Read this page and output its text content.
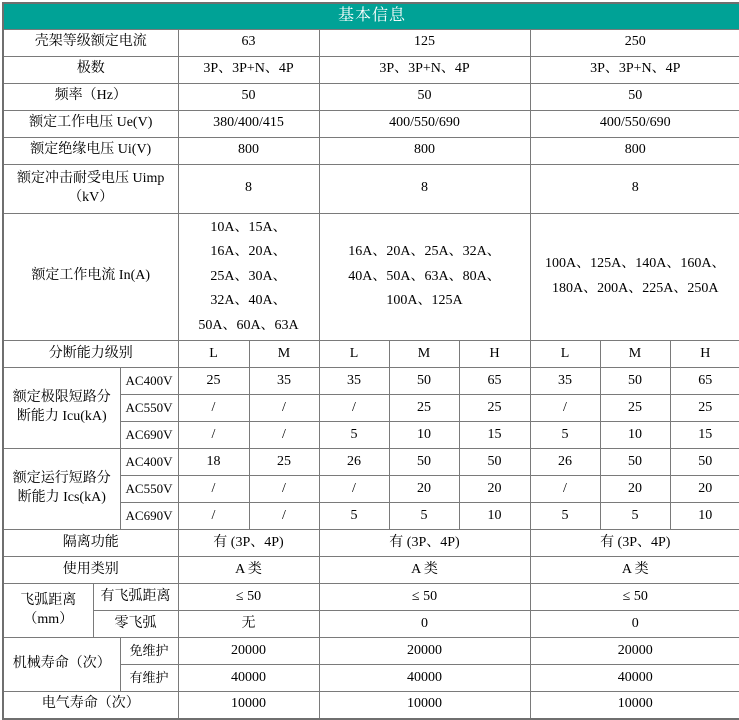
基本信息										
壳架等级额定电流			63		125			250		
极数			3P、3P+N、4P		3P、3P+N、4P			3P、3P+N、4P		
频率（Hz）			50		50			50		
额定工作电压 Ue(V)			380/400/415		400/550/690			400/550/690		
额定绝缘电压 Ui(V)			800		800			800		

额定冲击耐受电压 Uimp
（kV）			8		8			8		
额定工作电流 In(A)			10A、15A、16A、20A、25A、30A、32A、40A、50A、60A、63A		16A、20A、25A、32A、40A、50A、63A、80A、100A、125A			100A、125A、140A、160A、180A、200A、225A、250A		
分断能力级别			L	M	L	M	H	L	M	H
额定极限短路分断能力 Icu(kA)		AC400V	25	35	35	50	65	35	50	65
		AC550V	/	/	/	25	25	/	25	25
		AC690V	/	/	5	10	15	5	10	15
额定运行短路分断能力 Ics(kA)		AC400V	18	25	26	50	50	26	50	50
		AC550V	/	/	/	20	20	/	20	20
		AC690V	/	/	5	5	10	5	5	10
隔离功能			有 (3P、4P)		有 (3P、4P)			有 (3P、4P)		
使用类别			A 类		A 类			A 类		
飞弧距离（mm）	有飞弧距离		≤ 50		≤ 50			≤ 50		
	零飞弧		无		0			0		
机械寿命（次）		免维护	20000		20000			20000		
		有维护	40000		40000			40000		
电气寿命（次）			10000		10000			10000		
